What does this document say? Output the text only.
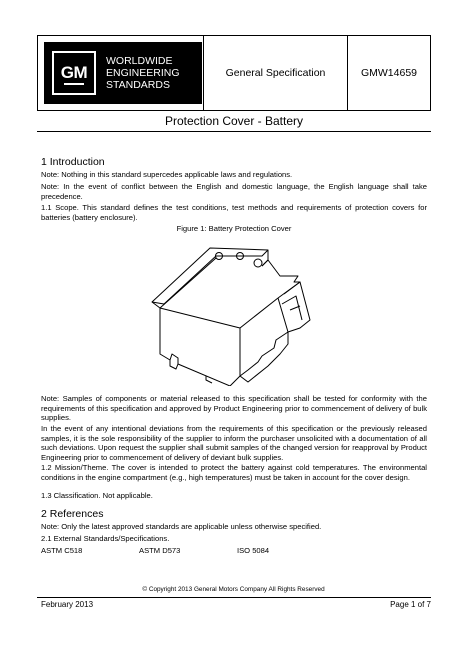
GM
WORLDWIDE
ENGINEERING
STANDARDS
General Specification	GMW14659
Protection Cover - Battery
1 Introduction
Note: Nothing in this standard supercedes applicable laws and regulations.
Note: In the event of conflict between the English and domestic language, the English language shall take precedence.
1.1 Scope. This standard defines the test conditions, test methods and requirements of protection covers for batteries (battery enclosure).
Figure 1: Battery Protection Cover
Note: Samples of components or material released to this specification shall be tested for conformity with the requirements of this specification and approved by Product Engineering prior to commencement of delivery of bulk supplies.
In the event of any intentional deviations from the requirements of this specification or the previously released samples, it is the sole responsibility of the supplier to inform the purchaser unsolicited with a documentation of all such deviations. Upon request the supplier shall submit samples of the changed version for reapproval by Product Engineering prior to commencement of delivery of deviant bulk supplies.
1.2 Mission/Theme. The cover is intended to protect the battery against cold temperatures. The environmental conditions in the engine compartment (e.g., high temperatures) must be taken in account for the cover design.
1.3 Classification. Not applicable.
2 References
Note: Only the latest approved standards are applicable unless otherwise specified.
2.1 External Standards/Specifications.
ASTM C518	ASTM D573	ISO 5084
© Copyright 2013 General Motors Company All Rights Reserved
February 2013	Page 1 of 7
